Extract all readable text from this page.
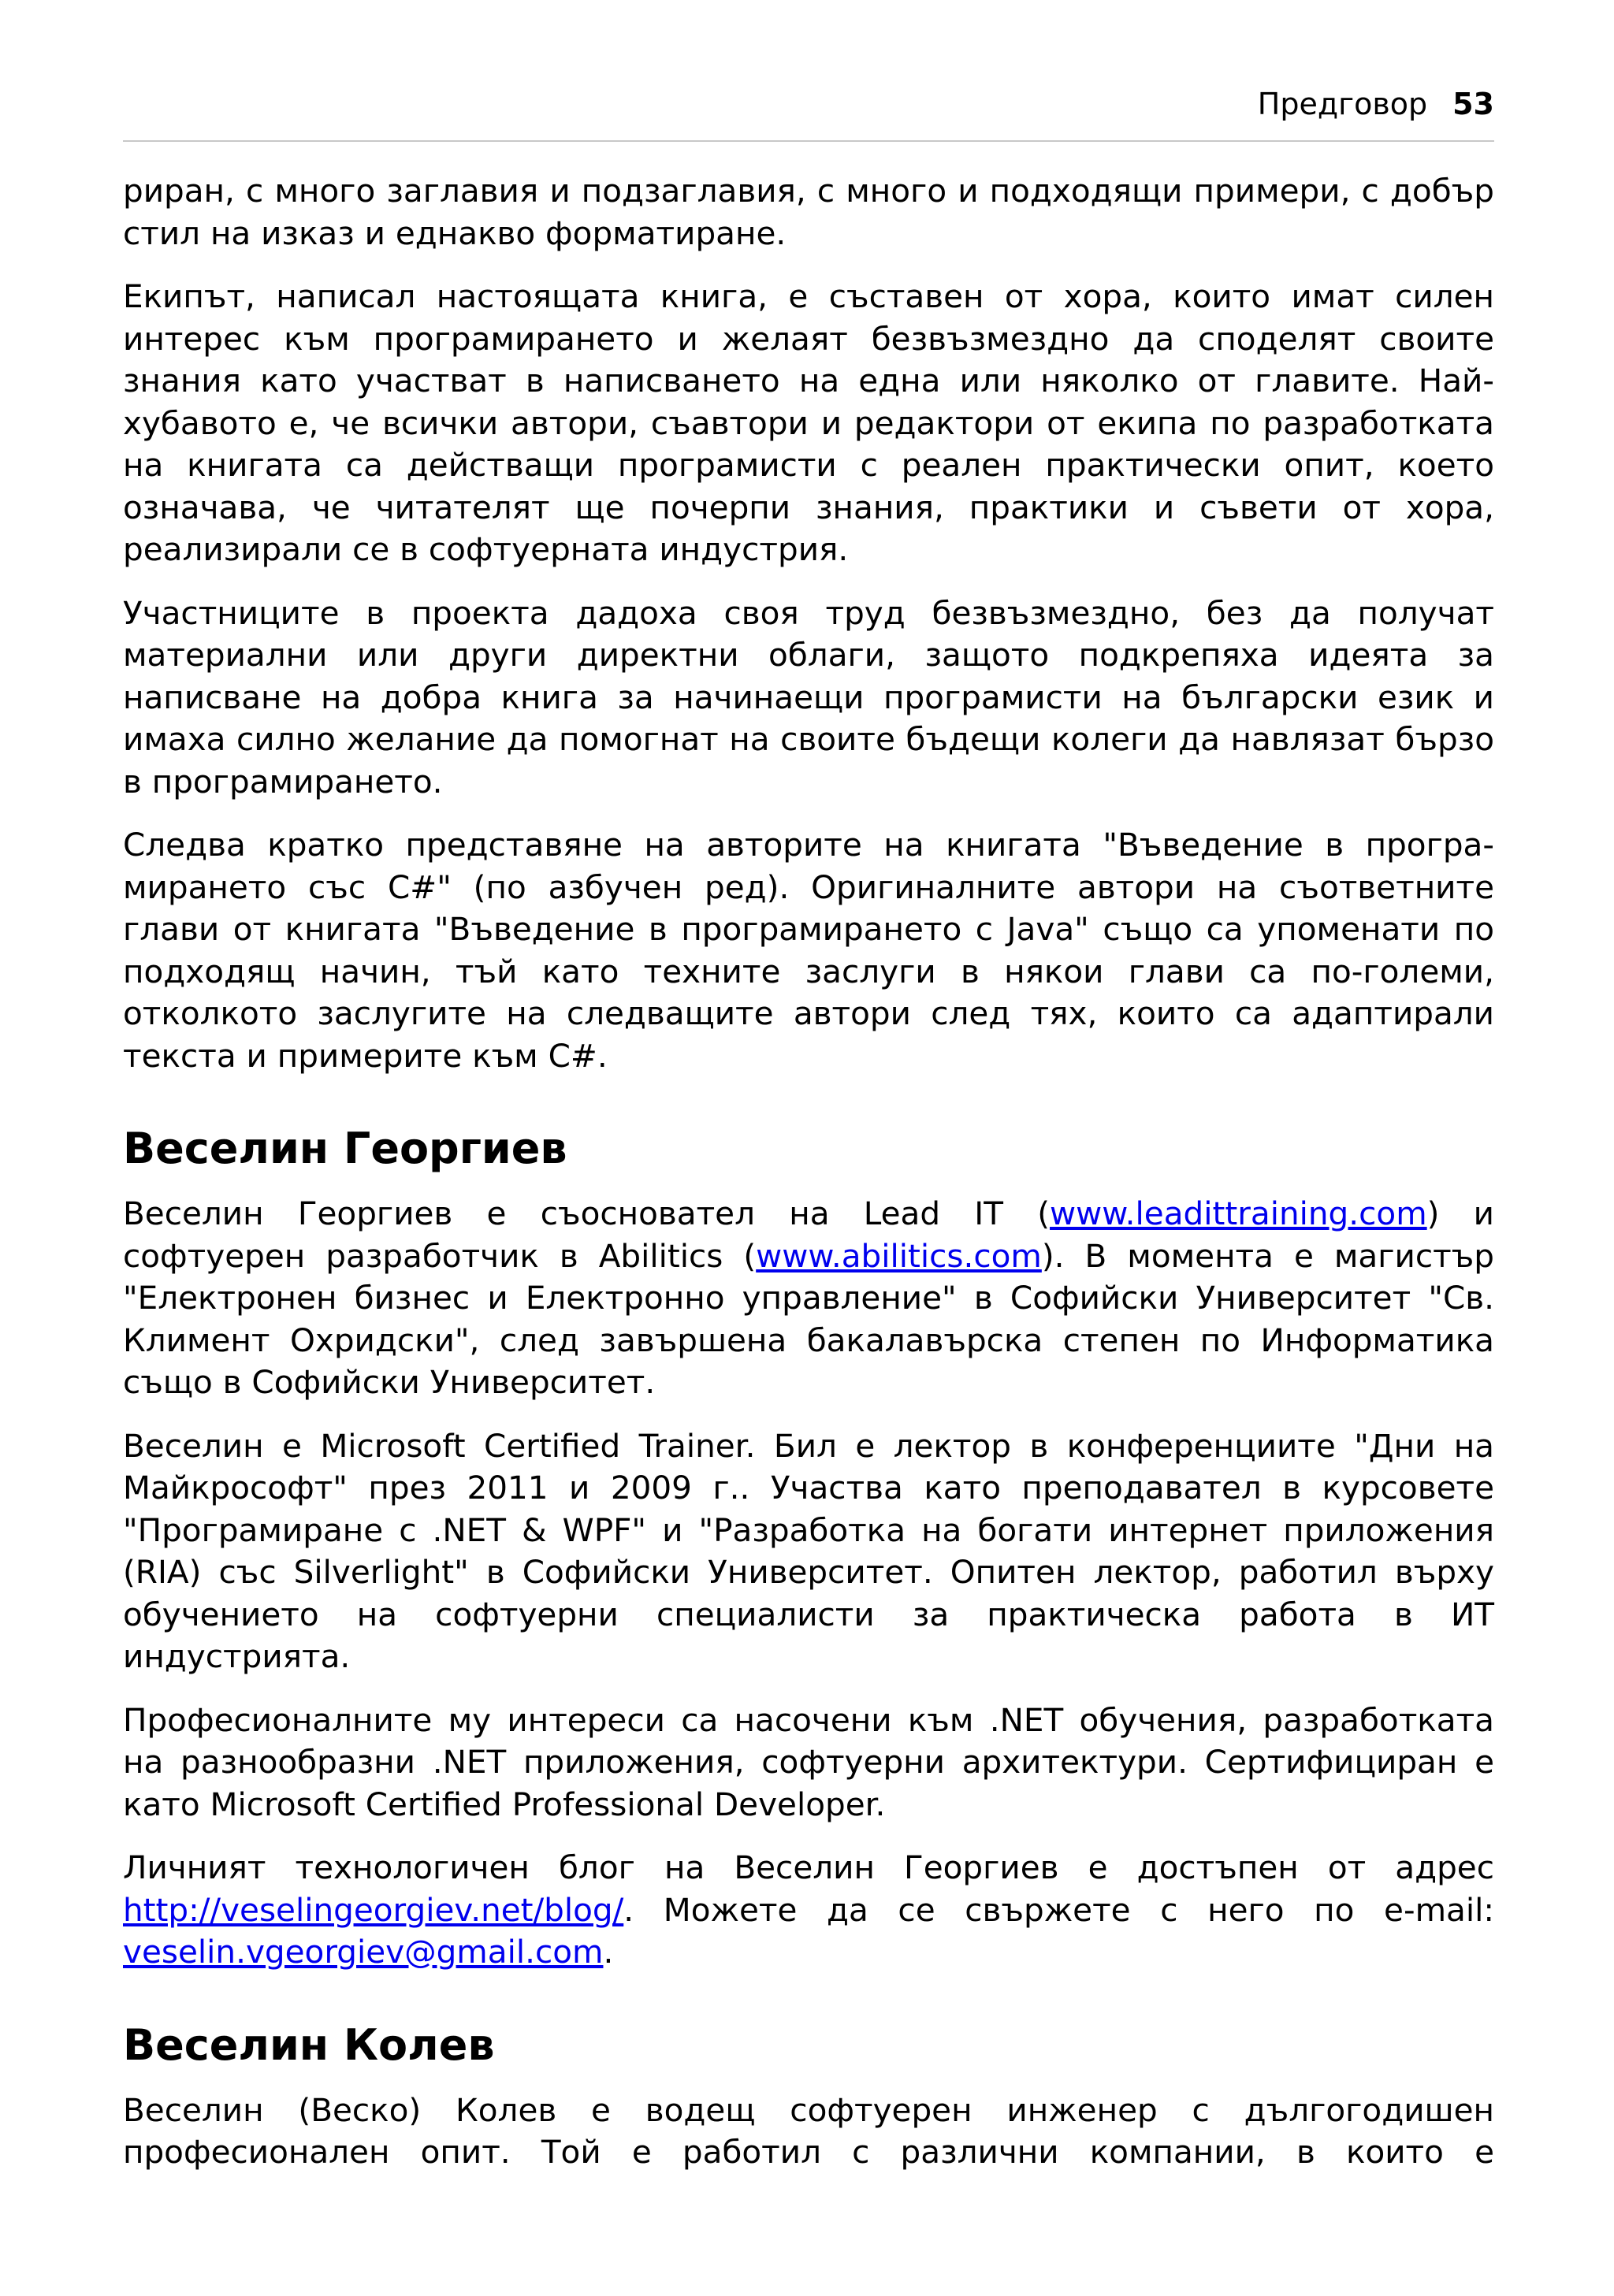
Предговор 53

риран, с много заглавия и подзаглавия, с много и подходящи примери, с добър стил на изказ и еднакво форматиране.

Екипът, написал настоящата книга, е съставен от хора, които имат силен интерес към програмирането и желаят безвъзмездно да споделят своите знания като участват в написването на една или няколко от главите. Най-хубавото е, че всички автори, съавтори и редактори от екипа по разработката на книгата са действащи програмисти с реален практически опит, което означава, че читателят ще почерпи знания, практики и съвети от хора, реализирали се в софтуерната индустрия.

Участниците в проекта дадоха своя труд безвъзмездно, без да получат материални или други директни облаги, защото подкрепяха идеята за написване на добра книга за начинаещи програмисти на български език и имаха силно желание да помогнат на своите бъдещи колеги да навлязат бързо в програмирането.

Следва кратко представяне на авторите на книгата "Въведение в програмирането със C#" (по азбучен ред). Оригиналните автори на съответните глави от книгата "Въведение в програмирането с Java" също са упоменати по подходящ начин, тъй като техните заслуги в някои глави са по-големи, отколкото заслугите на следващите автори след тях, които са адаптирали текста и примерите към C#.

Веселин Георгиев

Веселин Георгиев е съосновател на Lead IT (www.leadittraining.com) и софтуерен разработчик в Abilitics (www.abilitics.com). В момента е магистър "Електронен бизнес и Електронно управление" в Софийски Университет "Св. Климент Охридски", след завършена бакалавърска степен по Информатика също в Софийски Университет.

Веселин е Microsoft Certified Trainer. Бил е лектор в конференциите "Дни на Майкрософт" през 2011 и 2009 г.. Участва като преподавател в курсовете "Програмиране с .NET & WPF" и "Разработка на богати интернет приложения (RIA) със Silverlight" в Софийски Университет. Опитен лектор, работил върху обучението на софтуерни специалисти за практическа работа в ИТ индустрията.

Професионалните му интереси са насочени към .NET обучения, разработката на разнообразни .NET приложения, софтуерни архитектури. Сертифициран е като Microsoft Certified Professional Developer.

Личният технологичен блог на Веселин Георгиев е достъпен от адрес http://veselingeorgiev.net/blog/. Можете да се свържете с него по e-mail: veselin.vgeorgiev@gmail.com.

Веселин Колев

Веселин (Веско) Колев е водещ софтуерен инженер с дългогодишен професионален опит. Той е работил с различни компании, в които е
